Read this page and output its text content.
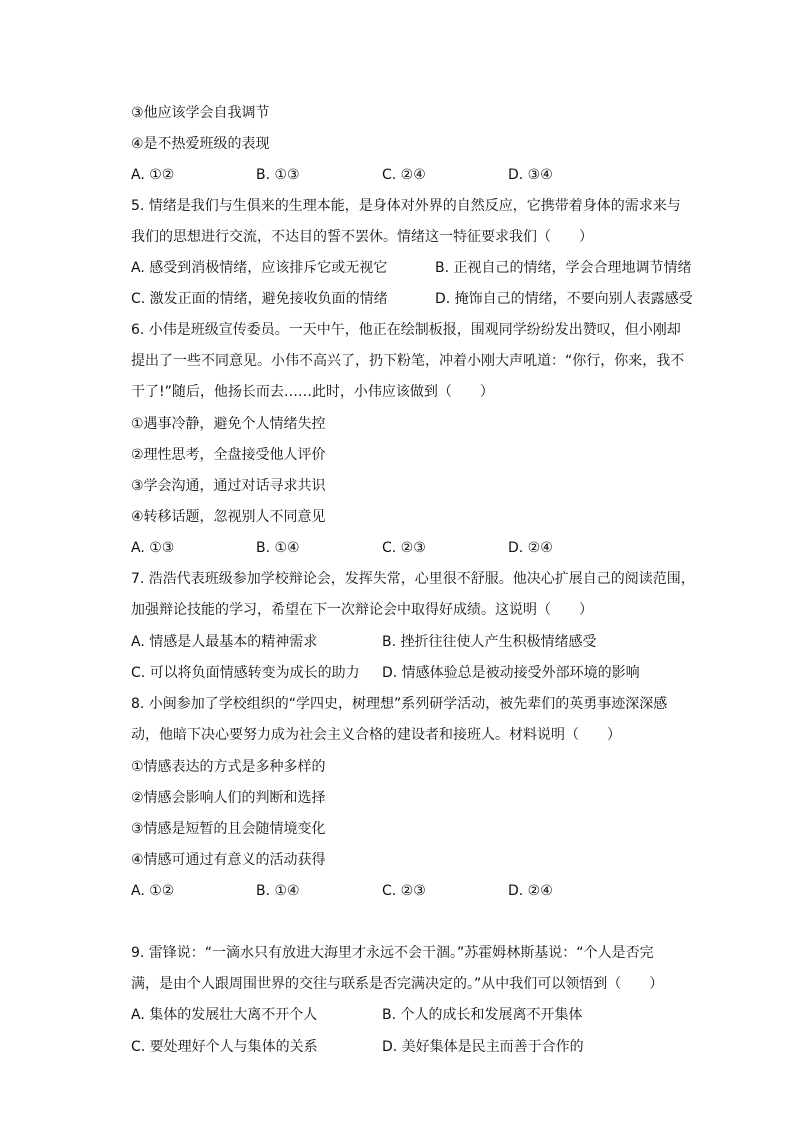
③他应该学会自我调节
④是不热爱班级的表现
A. ①②	B. ①③	C. ②④	D. ③④
5. 情绪是我们与生俱来的生理本能，是身体对外界的自然反应，它携带着身体的需求来与
我们的思想进行交流，不达目的誓不罢休。情绪这一特征要求我们（　　）
A. 感受到消极情绪，应该排斥它或无视它	B. 正视自己的情绪，学会合理地调节情绪
C. 激发正面的情绪，避免接收负面的情绪	D. 掩饰自己的情绪，不要向别人表露感受
6. 小伟是班级宣传委员。一天中午，他正在绘制板报，围观同学纷纷发出赞叹，但小刚却
提出了一些不同意见。小伟不高兴了，扔下粉笔，冲着小刚大声吼道：“你行，你来，我不
干了!”随后，他扬长而去……此时，小伟应该做到（　　）
①遇事冷静，避免个人情绪失控
②理性思考，全盘接受他人评价
③学会沟通，通过对话寻求共识
④转移话题，忽视别人不同意见
A. ①③	B. ①④	C. ②③	D. ②④
7. 浩浩代表班级参加学校辩论会，发挥失常，心里很不舒服。他决心扩展自己的阅读范围，
加强辩论技能的学习，希望在下一次辩论会中取得好成绩。这说明（　　）
A. 情感是人最基本的精神需求	B. 挫折往往使人产生积极情绪感受
C. 可以将负面情感转变为成长的助力 D. 情感体验总是被动接受外部环境的影响
8. 小闽参加了学校组织的“学四史，树理想”系列研学活动，被先辈们的英勇事迹深深感
动，他暗下决心要努力成为社会主义合格的建设者和接班人。材料说明（　　）
①情感表达的方式是多种多样的
②情感会影响人们的判断和选择
③情感是短暂的且会随情境变化
④情感可通过有意义的活动获得
A. ①②	B. ①④	C. ②③	D. ②④
9. 雷锋说：“一滴水只有放进大海里才永远不会干涸。”苏霍姆林斯基说：“个人是否完
满，是由个人跟周围世界的交往与联系是否完满决定的。”从中我们可以领悟到（　　）
A. 集体的发展壮大离不开个人	B. 个人的成长和发展离不开集体
C. 要处理好个人与集体的关系	D. 美好集体是民主而善于合作的
